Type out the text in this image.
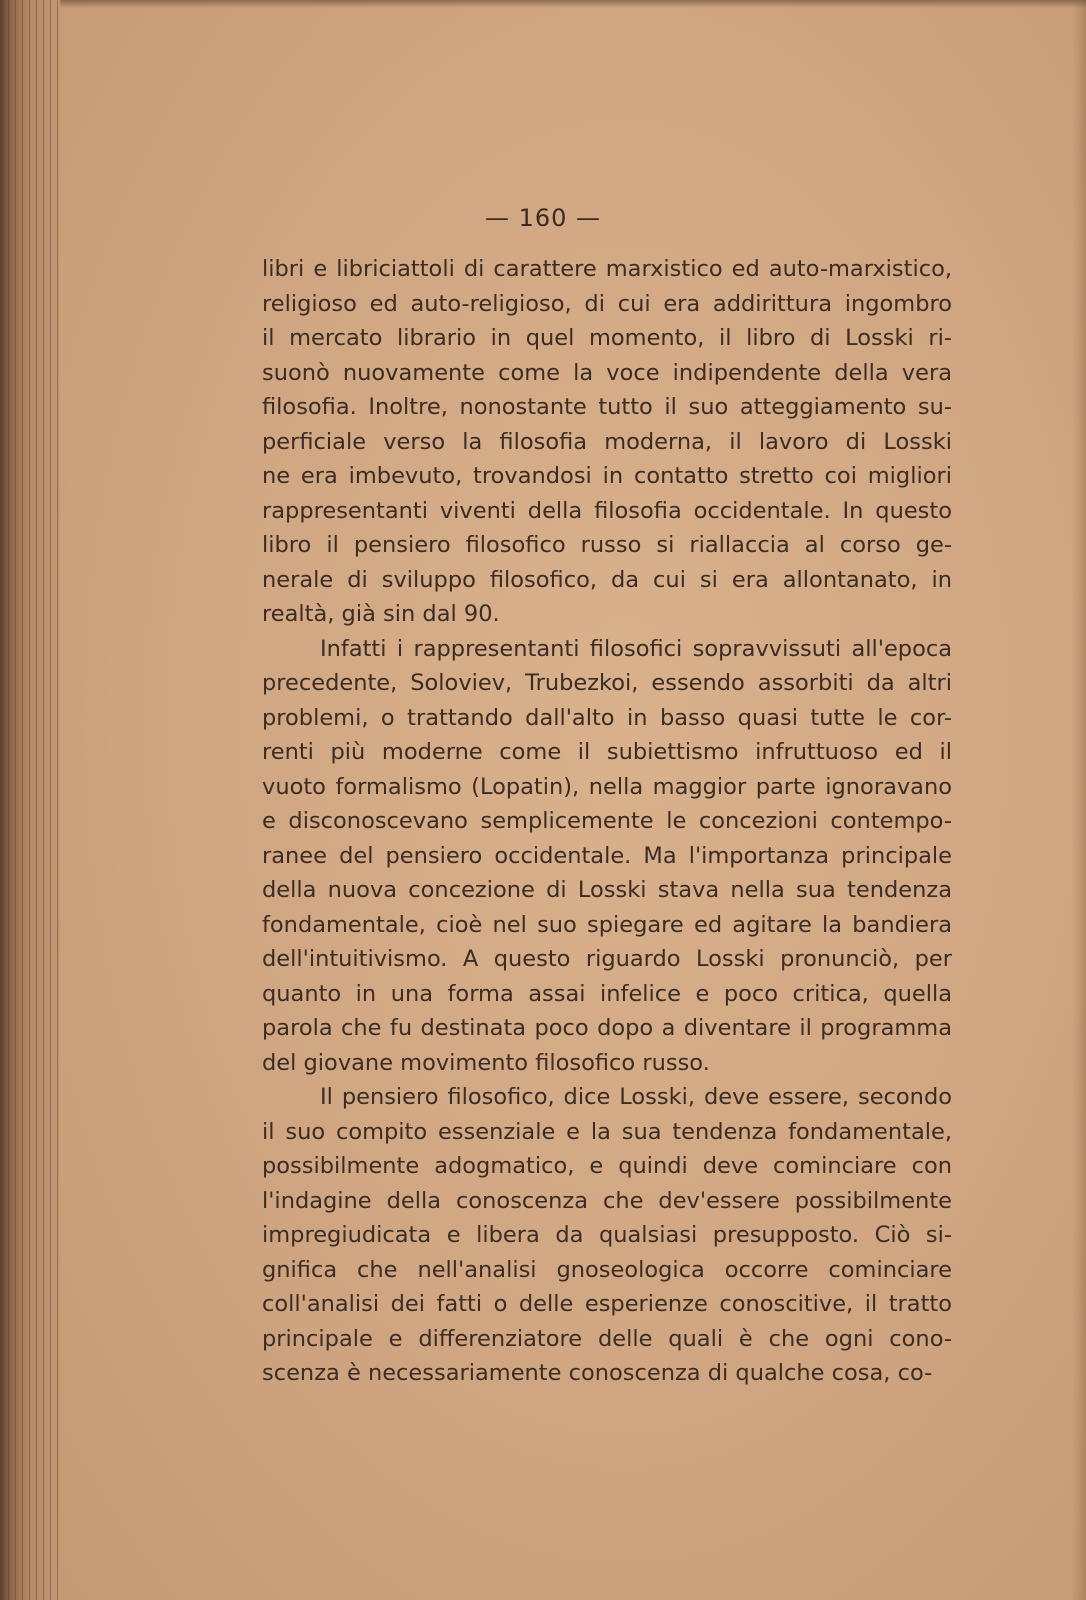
— 160 —
libri e libriciattoli di carattere marxistico ed auto-marxistico,
religioso ed auto-religioso, di cui era addirittura ingombro
il mercato librario in quel momento, il libro di Losski ri-
suonò nuovamente come la voce indipendente della vera
filosofia. Inoltre, nonostante tutto il suo atteggiamento su-
perficiale verso la filosofia moderna, il lavoro di Losski
ne era imbevuto, trovandosi in contatto stretto coi migliori
rappresentanti viventi della filosofia occidentale. In questo
libro il pensiero filosofico russo si riallaccia al corso ge-
nerale di sviluppo filosofico, da cui si era allontanato, in
realtà, già sin dal 90.
Infatti i rappresentanti filosofici sopravvissuti all'epoca
precedente, Soloviev, Trubezkoi, essendo assorbiti da altri
problemi, o trattando dall'alto in basso quasi tutte le cor-
renti più moderne come il subiettismo infruttuoso ed il
vuoto formalismo (Lopatin), nella maggior parte ignoravano
e disconoscevano semplicemente le concezioni contempo-
ranee del pensiero occidentale. Ma l'importanza principale
della nuova concezione di Losski stava nella sua tendenza
fondamentale, cioè nel suo spiegare ed agitare la bandiera
dell'intuitivismo. A questo riguardo Losski pronunciò, per
quanto in una forma assai infelice e poco critica, quella
parola che fu destinata poco dopo a diventare il programma
del giovane movimento filosofico russo.
Il pensiero filosofico, dice Losski, deve essere, secondo
il suo compito essenziale e la sua tendenza fondamentale,
possibilmente adogmatico, e quindi deve cominciare con
l'indagine della conoscenza che dev'essere possibilmente
impregiudicata e libera da qualsiasi presupposto. Ciò si-
gnifica che nell'analisi gnoseologica occorre cominciare
coll'analisi dei fatti o delle esperienze conoscitive, il tratto
principale e differenziatore delle quali è che ogni cono-
scenza è necessariamente conoscenza di qualche cosa, co-
